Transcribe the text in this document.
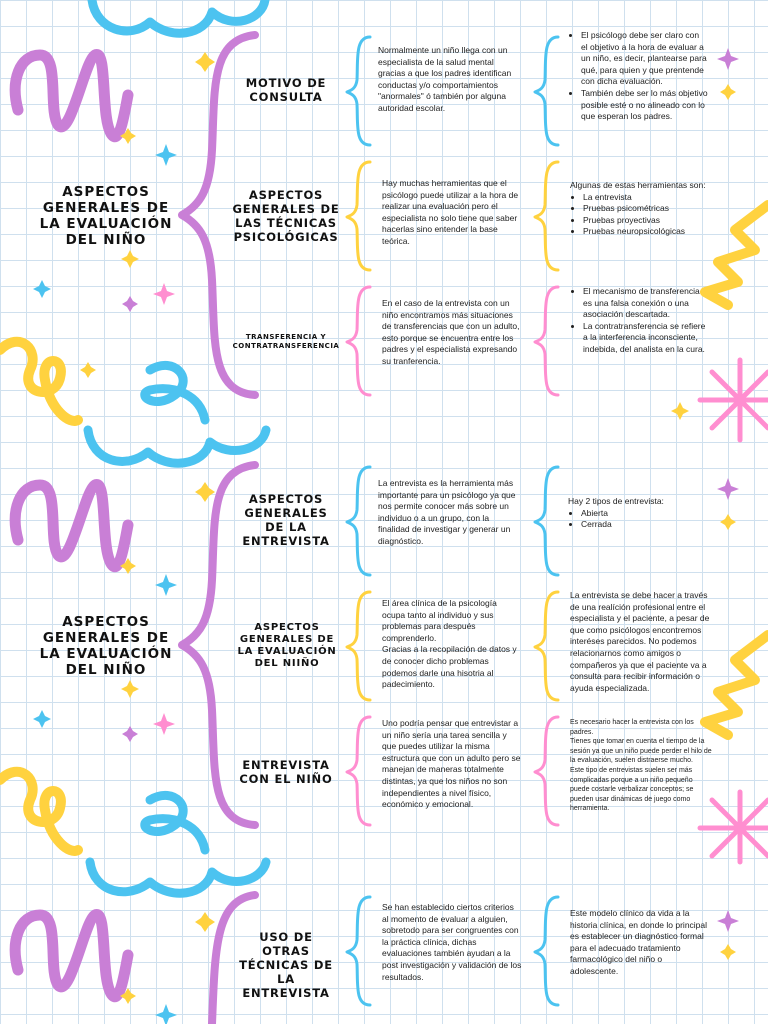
ASPECTOS GENERALES DE LA EVALUACIÓN DEL NIÑO
MOTIVO DE CONSULTA
Normalmente un niño llega con un especialista de la salud mental gracias a que los padres identifican conductas y/o comportamientos "anormales" ó también por alguna autoridad escolar.
• El psicólogo debe ser claro con el objetivo a la hora de evaluar a un niño, es decir, plantearse para qué, para quien y que prentende con dicha evaluación.
• También debe ser lo más objetivo posible esté o no alineado con lo que esperan los padres.
ASPECTOS GENERALES DE LAS TÉCNICAS PSICOLÓGICAS
Hay muchas herramientas que el psicólogo puede utilizar a la hora de realizar una evaluación pero el especialista no solo tiene que saber hacerlas sino entender la base teórica.
Algunas de estas herramientas son:
• La entrevista
• Pruebas psicométricas
• Pruebas proyectivas
• Pruebas neuropsicológicas
TRANSFERENCIA Y CONTRATRANSFERENCIA
En el caso de la entrevista con un niño encontramos más situaciones de transferencias que con un adulto, esto porque se encuentra entre los padres y el especialista expresando su tranferencia.
• El mecanismo de transferencia es una falsa conexión o una asociación descartada.
• La contratransferencia se refiere a la interferencia inconsciente, indebida, del analista en la cura.
ASPECTOS GENERALES DE LA EVALUACIÓN DEL NIÑO
ASPECTOS GENERALES DE LA ENTREVISTA
La entrevista es la herramienta más importante para un psicólogo ya que nos permite conocer más sobre un individuo o a un grupo, con la finalidad de investigar y generar un diagnóstico.
Hay 2 tipos de entrevista:
• Abierta
• Cerrada
ASPECTOS GENERALES DE LA EVALUACIÓN DEL NIIÑO
El área clínica de la psicología ocupa tanto al individuo y sus problemas para después comprenderlo.
Gracias a la recopilación de datos y de conocer dicho problemas podemos darle una hisotria al padecimiento.
La entrevista se debe hacer a través de una realíción profesional entre el especialista y el paciente, a pesar de que como psicólogos encontremos interéses parecidos. No podemos relacionarnos como amigos o compañeros ya que el paciente va a consulta para recibir información o ayuda especializada.
ENTREVISTA CON EL NIÑO
Uno podría pensar que entrevistar a un niño sería una tarea sencilla y que puedes utilizar la misma estructura que con un adulto pero se manejan de maneras totalmente distintas, ya que los niños no son independientes a nivel físico, económico y emocional.
Es necesario hacer la entrevista con los padres.
Tienes que tomar en cuenta el tiempo de la sesión ya que un niño puede perder el hilo de la evaluación, suelen distraerse mucho.
Este tipo de entrevistas suelen ser más complicadas porque a un niño pequeño puede costarle verbalizar conceptos; se pueden usar dinámicas de juego como herramienta.
USO DE OTRAS TÉCNICAS DE LA ENTREVISTA
Se han establecido ciertos criterios al momento de evaluar a alguien, sobretodo para ser congruentes con la práctica clínica, dichas evaluaciones también ayudan a la post investigación y validación de los resultados.
Este modelo clínico da vida a la historia clínica, en donde lo principal es establecer un diagnóstico formal para el adecuado tratamiento farmacológico del niño o adolescente.
